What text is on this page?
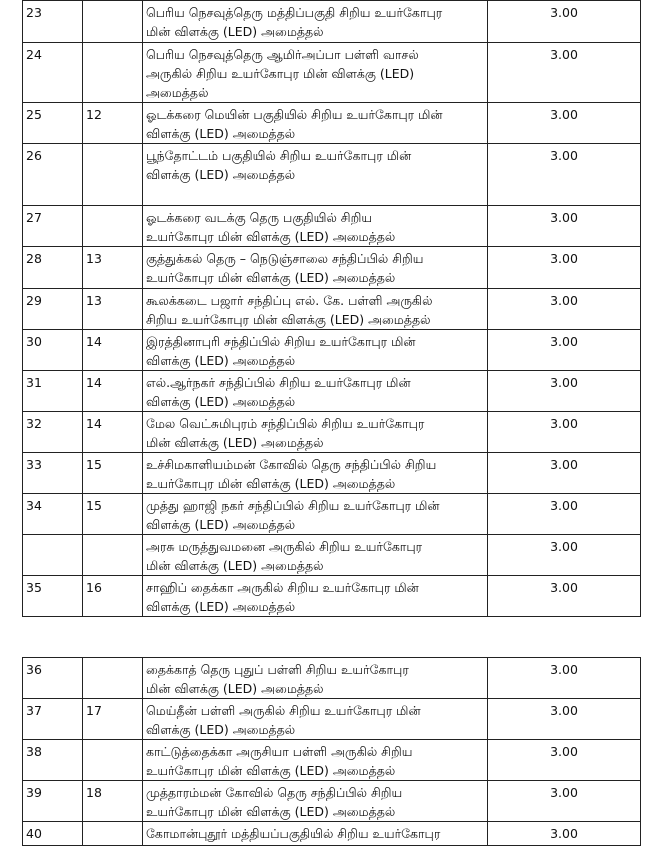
23		பெரிய நெசவுத்தெரு மத்திப்பகுதி சிறிய உயர்கோபுர
மின் விளக்கு (LED) அமைத்தல்	3.00
24		பெரிய நெசவுத்தெரு ஆமிர்அப்பா பள்ளி வாசல்
அருகில் சிறிய உயர்கோபுர மின் விளக்கு (LED)
அமைத்தல்	3.00
25	12	ஓடக்கரை மெயின் பகுதியில் சிறிய உயர்கோபுர மின்
விளக்கு (LED) அமைத்தல்	3.00
26		பூந்தோட்டம் பகுதியில் சிறிய உயர்கோபுர மின்
விளக்கு (LED) அமைத்தல்	3.00
27		ஓடக்கரை வடக்கு தெரு பகுதியில் சிறிய
உயர்கோபுர மின் விளக்கு (LED) அமைத்தல்	3.00
28	13	குத்துக்கல் தெரு – நெடுஞ்சாலை சந்திப்பில் சிறிய
உயர்கோபுர மின் விளக்கு (LED) அமைத்தல்	3.00
29	13	கூலக்கடை பஜார் சந்திப்பு எல். கே. பள்ளி அருகில்
சிறிய உயர்கோபுர மின் விளக்கு (LED) அமைத்தல்	3.00
30	14	இரத்தினாபுரி சந்திப்பில் சிறிய உயர்கோபுர மின்
விளக்கு (LED) அமைத்தல்	3.00
31	14	எல்.ஆர்நகர் சந்திப்பில் சிறிய உயர்கோபுர மின்
விளக்கு (LED) அமைத்தல்	3.00
32	14	மேல வெட்சுமிபுரம் சந்திப்பில் சிறிய உயர்கோபுர
மின் விளக்கு (LED) அமைத்தல்	3.00
33	15	உச்சிமகாளியம்மன் கோவில் தெரு சந்திப்பில் சிறிய
உயர்கோபுர மின் விளக்கு (LED) அமைத்தல்	3.00
34	15	முத்து ஹாஜி நகர் சந்திப்பில் சிறிய உயர்கோபுர மின்
விளக்கு (LED) அமைத்தல்	3.00
		அரசு மருத்துவமனை அருகில் சிறிய உயர்கோபுர
மின் விளக்கு (LED) அமைத்தல்	3.00
35	16	சாஹிப் தைக்கா அருகில் சிறிய உயர்கோபுர மின்
விளக்கு (LED) அமைத்தல்	3.00
36		தைக்காத் தெரு புதுப் பள்ளி சிறிய உயர்கோபுர
மின் விளக்கு (LED) அமைத்தல்	3.00
37	17	மெய்தீன் பள்ளி அருகில் சிறிய உயர்கோபுர மின்
விளக்கு (LED) அமைத்தல்	3.00
38		காட்டுத்தைக்கா அருசியா பள்ளி அருகில் சிறிய
உயர்கோபுர மின் விளக்கு (LED) அமைத்தல்	3.00
39	18	முத்தாரம்மன் கோவில் தெரு சந்திப்பில் சிறிய
உயர்கோபுர மின் விளக்கு (LED) அமைத்தல்	3.00
40		கோமான்புதூர் மத்தியப்பகுதியில் சிறிய உயர்கோபுர	3.00
